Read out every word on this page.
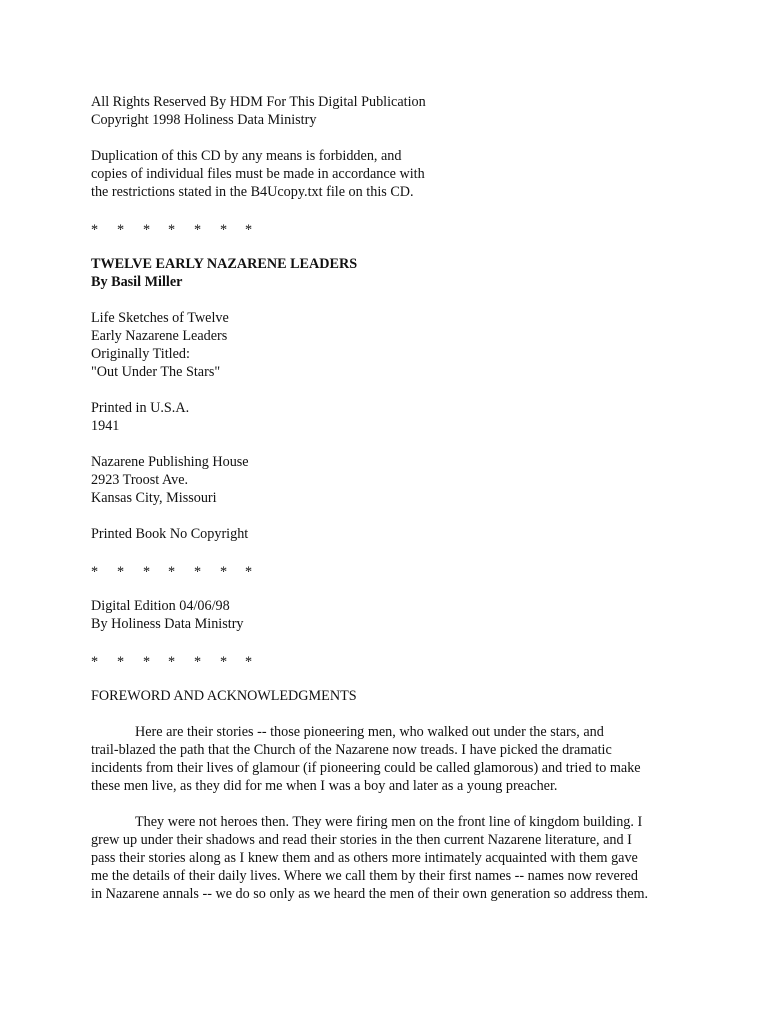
All Rights Reserved By HDM For This Digital Publication
Copyright 1998 Holiness Data Ministry
Duplication of this CD by any means is forbidden, and
copies of individual files must be made in accordance with
the restrictions stated in the B4Ucopy.txt file on this CD.
* * * * * * *
TWELVE EARLY NAZARENE LEADERS
By Basil Miller
Life Sketches of Twelve
Early Nazarene Leaders
Originally Titled:
"Out Under The Stars"
Printed in U.S.A.
1941
Nazarene Publishing House
2923 Troost Ave.
Kansas City, Missouri
Printed Book No Copyright
* * * * * * *
Digital Edition 04/06/98
By Holiness Data Ministry
* * * * * * *
FOREWORD AND ACKNOWLEDGMENTS
Here are their stories -- those pioneering men, who walked out under the stars, and
trail-blazed the path that the Church of the Nazarene now treads. I have picked the dramatic
incidents from their lives of glamour (if pioneering could be called glamorous) and tried to make
these men live, as they did for me when I was a boy and later as a young preacher.
They were not heroes then. They were firing men on the front line of kingdom building. I
grew up under their shadows and read their stories in the then current Nazarene literature, and I
pass their stories along as I knew them and as others more intimately acquainted with them gave
me the details of their daily lives. Where we call them by their first names -- names now revered
in Nazarene annals -- we do so only as we heard the men of their own generation so address them.
